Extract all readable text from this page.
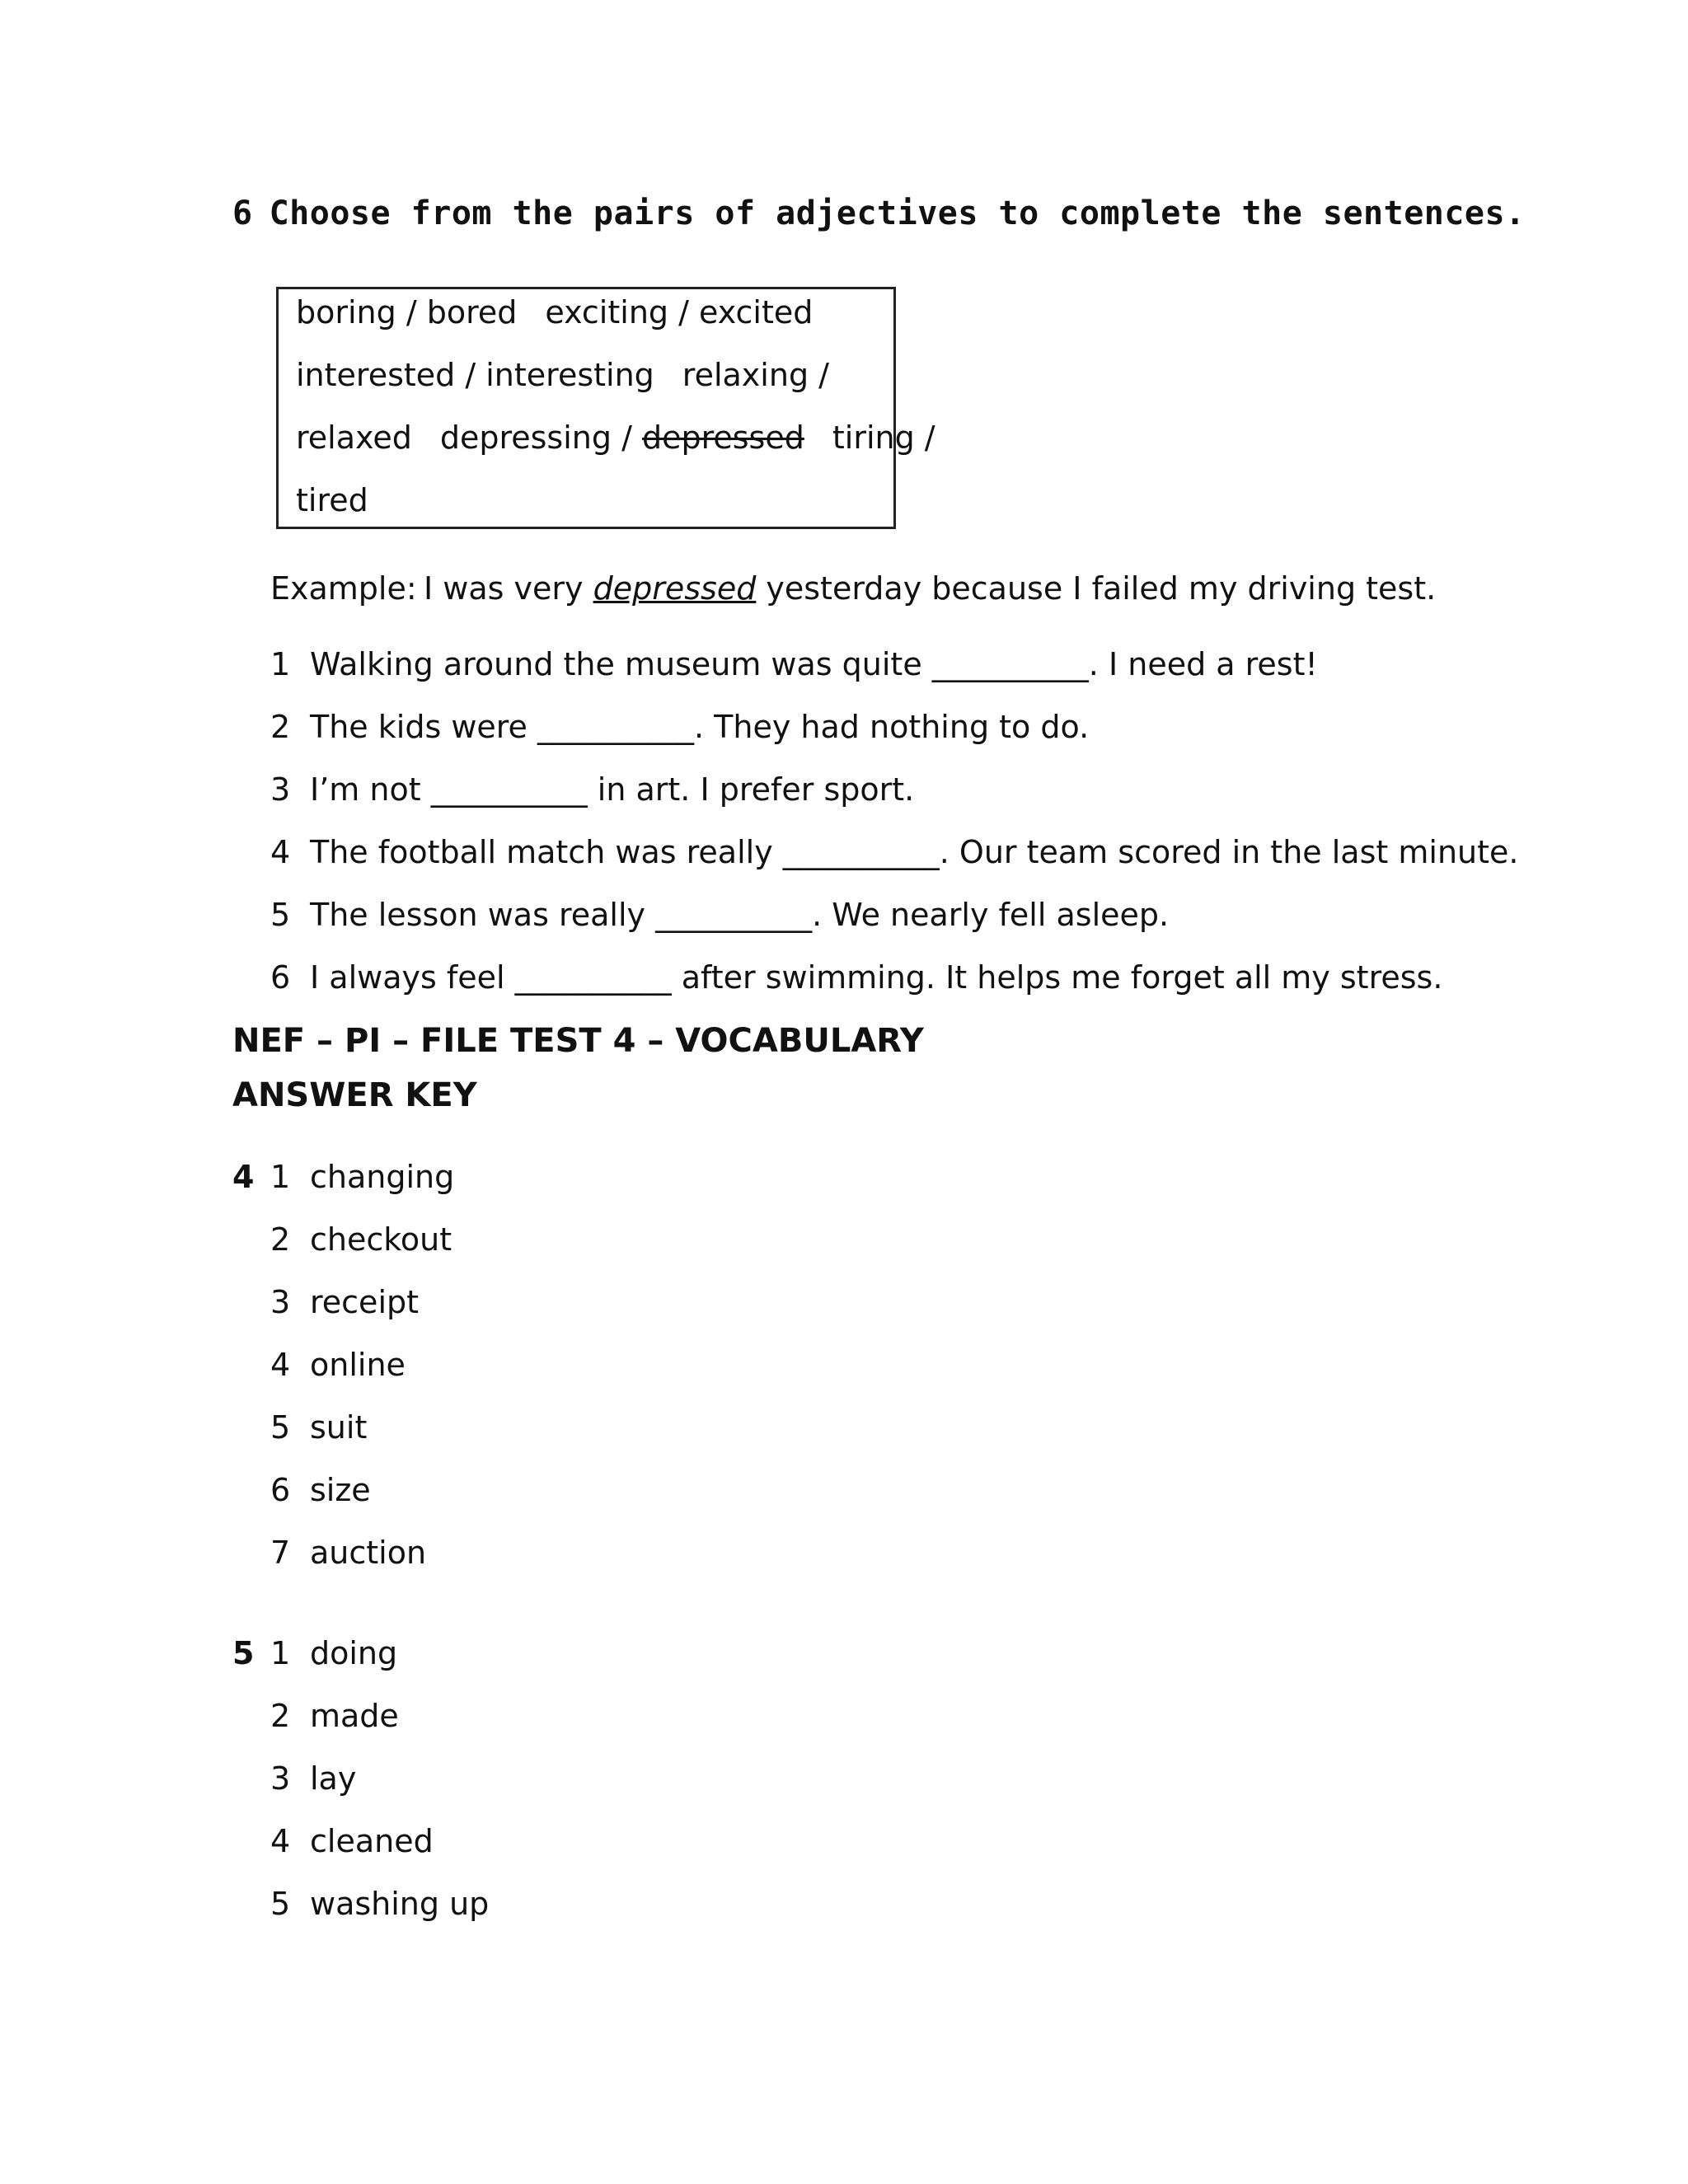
6 Choose from the pairs of adjectives to complete the sentences.
boring / bored exciting / excited
interested / interesting relaxing /
relaxed depressing / depressed tiring /
tired
Example: I was very depressed yesterday because I failed my driving test.
1 Walking around the museum was quite __________. I need a rest!
2 The kids were __________. They had nothing to do.
3 I’m not __________ in art. I prefer sport.
4 The football match was really __________. Our team scored in the last minute.
5 The lesson was really __________. We nearly fell asleep.
6 I always feel __________ after swimming. It helps me forget all my stress.
NEF – PI – FILE TEST 4 – VOCABULARY
ANSWER KEY
4 1 changing
2 checkout
3 receipt
4 online
5 suit
6 size
7 auction
5 1 doing
2 made
3 lay
4 cleaned
5 washing up
